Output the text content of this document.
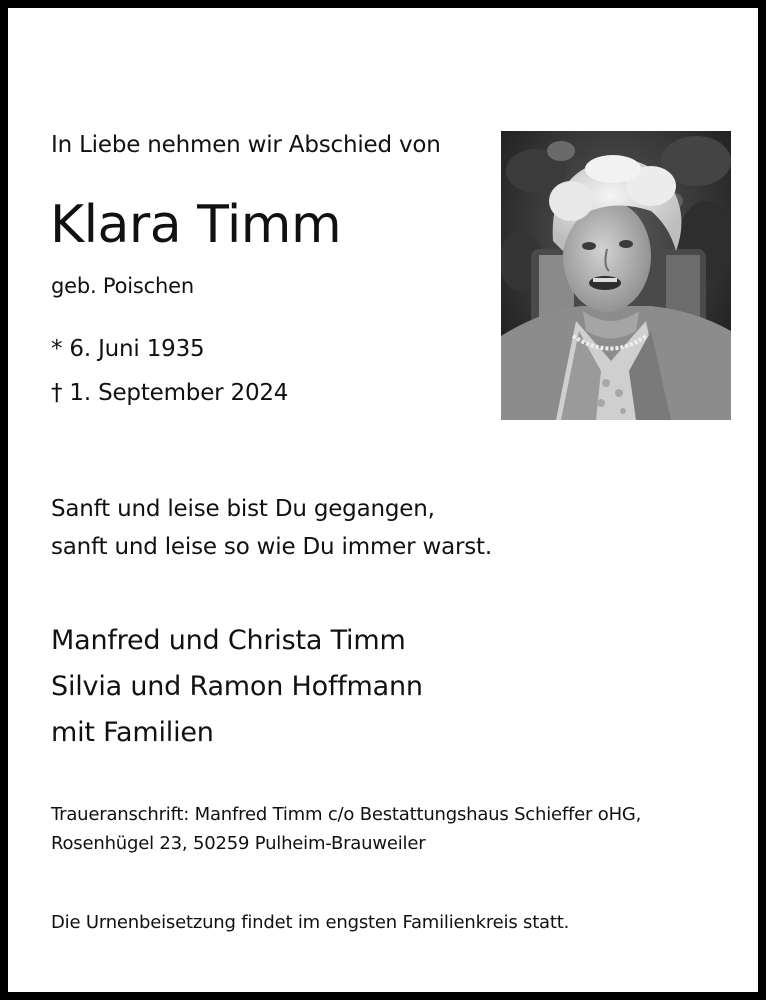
In Liebe nehmen wir Abschied von
Klara Timm
geb. Poischen
* 6. Juni 1935
† 1. September 2024
Sanft und leise bist Du gegangen,
sanft und leise so wie Du immer warst.
Manfred und Christa Timm
Silvia und Ramon Hoffmann
mit Familien
Traueranschrift: Manfred Timm c/o Bestattungshaus Schieffer oHG,
Rosenhügel 23, 50259 Pulheim-Brauweiler
Die Urnenbeisetzung findet im engsten Familienkreis statt.
